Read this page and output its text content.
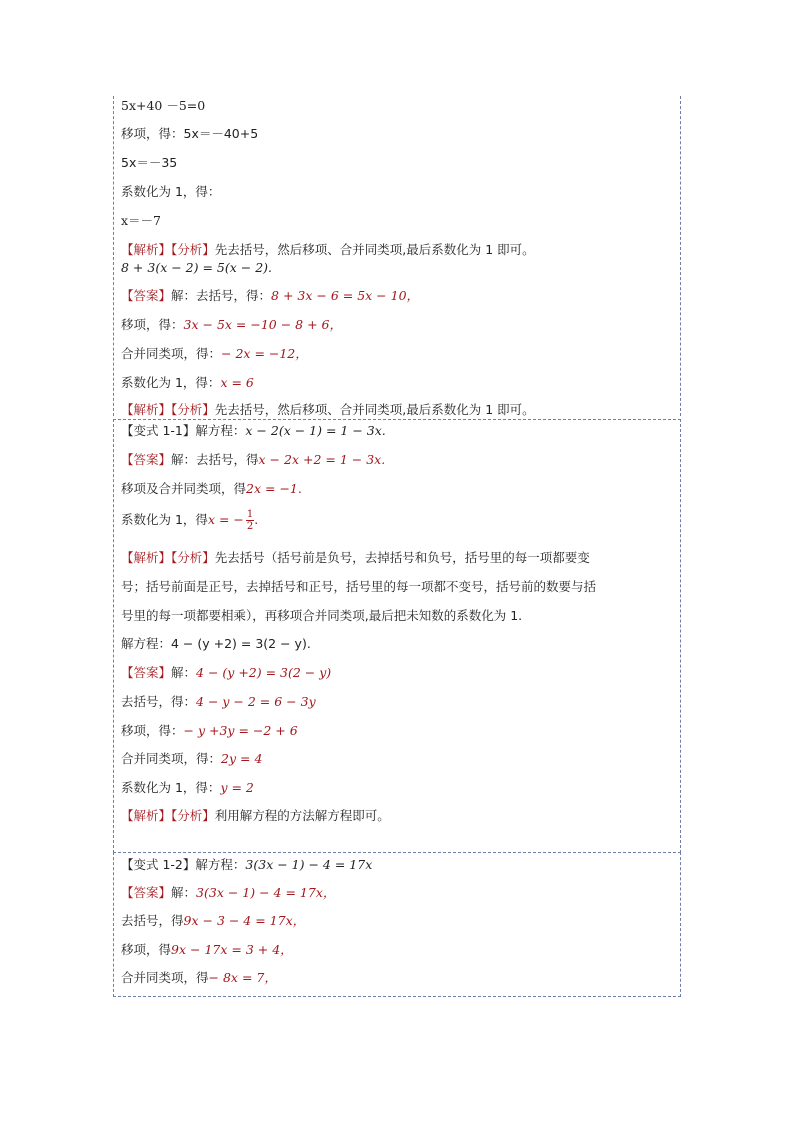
5x+40 －5=0
移项，得：5x＝－40+5
5x＝－35
系数化为 1，得：
x＝－7
【解析】【分析】先去括号，然后移项、合并同类项,最后系数化为 1 即可。
8 + 3(x − 2) = 5(x − 2).
【答案】解：去括号，得：8 + 3x − 6 = 5x − 10，
移项，得：3x − 5x = −10 − 8 + 6，
合并同类项，得：− 2x = −12，
系数化为 1，得：x = 6
【解析】【分析】先去括号，然后移项、合并同类项,最后系数化为 1 即可。
【变式 1-1】解方程：x − 2(x − 1) = 1 − 3x.
【答案】解：去括号，得x − 2x +2 = 1 − 3x.
移项及合并同类项，得2x = −1.
系数化为 1，得x = − $\frac{1}{2}$ .
【解析】【分析】先去括号（括号前是负号，去掉括号和负号，括号里的每一项都要变
号；括号前面是正号，去掉括号和正号，括号里的每一项都不变号，括号前的数要与括
号里的每一项都要相乘），再移项合并同类项,最后把未知数的系数化为 1.
解方程：4 − (y +2) = 3(2 − y).
【答案】解：4 − (y +2) = 3(2 − y)
去括号，得：4 − y − 2 = 6 − 3y
移项，得：− y +3y = −2 + 6
合并同类项，得：2y = 4
系数化为 1，得：y = 2
【解析】【分析】利用解方程的方法解方程即可。
【变式 1-2】解方程：3(3x − 1) − 4 = 17x
【答案】解：3(3x − 1) − 4 = 17x，
去括号，得9x − 3 − 4 = 17x，
移项，得9x − 17x = 3 + 4，
合并同类项，得− 8x = 7，
